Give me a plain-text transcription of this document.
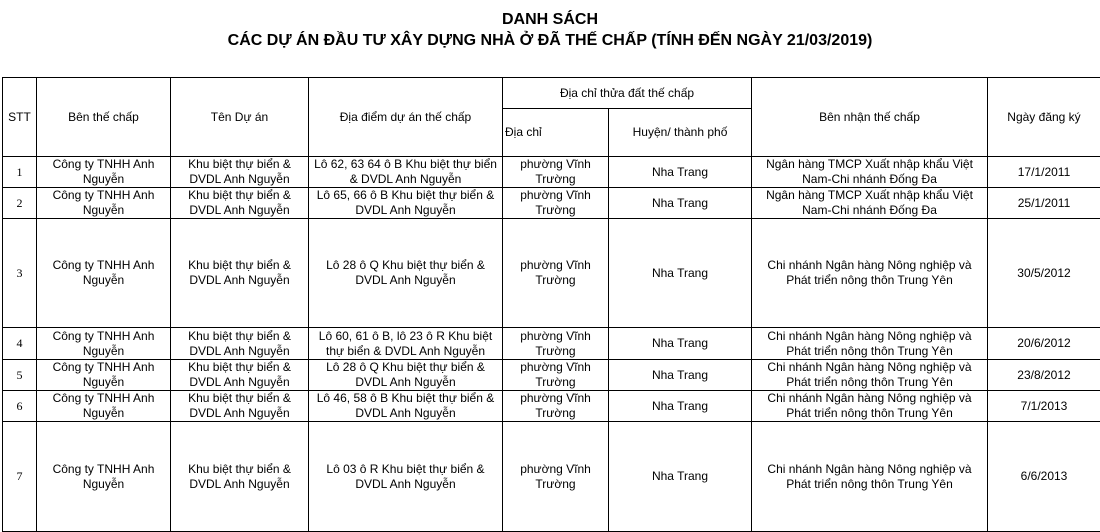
DANH SÁCH
CÁC DỰ ÁN ĐẦU TƯ XÂY DỰNG NHÀ Ở ĐÃ THẾ CHẤP (TÍNH ĐẾN NGÀY 21/03/2019)
STT	Bên thế chấp	Tên Dự án	Địa điểm dự án thế chấp	Địa chỉ thửa đất thế chấp		Bên nhận thế chấp	Ngày đăng ký
				Địa chỉ	Huyện/ thành phố		
1	Công ty TNHH Anh Nguyễn	Khu biệt thự biển & DVDL Anh Nguyễn	Lô 62, 63 64 ô B Khu biệt thự biển & DVDL Anh Nguyễn	phường Vĩnh Trường	Nha Trang	Ngân hàng TMCP Xuất nhập khẩu Việt Nam-Chi nhánh Đống Đa	17/1/2011
2	Công ty TNHH Anh Nguyễn	Khu biệt thự biển & DVDL Anh Nguyễn	Lô 65, 66 ô B Khu biệt thự biển & DVDL Anh Nguyễn	phường Vĩnh Trường	Nha Trang	Ngân hàng TMCP Xuất nhập khẩu Việt Nam-Chi nhánh Đống Đa	25/1/2011
3	Công ty TNHH Anh Nguyễn	Khu biệt thự biển & DVDL Anh Nguyễn	Lô 28 ô Q Khu biệt thự biển & DVDL Anh Nguyễn	phường Vĩnh Trường	Nha Trang	Chi nhánh Ngân hàng Nông nghiệp và Phát triển nông thôn Trung Yên	30/5/2012
4	Công ty TNHH Anh Nguyễn	Khu biệt thự biển & DVDL Anh Nguyễn	Lô 60, 61 ô B, lô 23 ô R Khu biệt thự biển & DVDL Anh Nguyễn	phường Vĩnh Trường	Nha Trang	Chi nhánh Ngân hàng Nông nghiệp và Phát triển nông thôn Trung Yên	20/6/2012
5	Công ty TNHH Anh Nguyễn	Khu biệt thự biển & DVDL Anh Nguyễn	Lô 28 ô Q Khu biệt thự biển & DVDL Anh Nguyễn	phường Vĩnh Trường	Nha Trang	Chi nhánh Ngân hàng Nông nghiệp và Phát triển nông thôn Trung Yên	23/8/2012
6	Công ty TNHH Anh Nguyễn	Khu biệt thự biển & DVDL Anh Nguyễn	Lô 46, 58 ô B Khu biệt thự biển & DVDL Anh Nguyễn	phường Vĩnh Trường	Nha Trang	Chi nhánh Ngân hàng Nông nghiệp và Phát triển nông thôn Trung Yên	7/1/2013
7	Công ty TNHH Anh Nguyễn	Khu biệt thự biển & DVDL Anh Nguyễn	Lô 03 ô R Khu biệt thự biển & DVDL Anh Nguyễn	phường Vĩnh Trường	Nha Trang	Chi nhánh Ngân hàng Nông nghiệp và Phát triển nông thôn Trung Yên	6/6/2013
